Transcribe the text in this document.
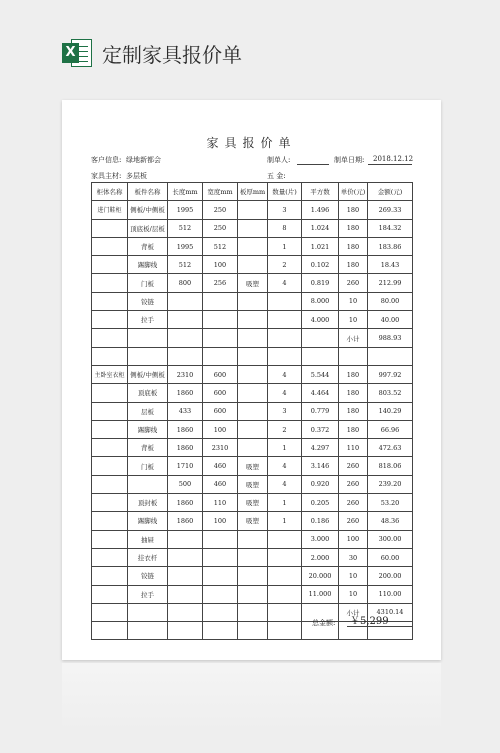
X 定制家具报价单
家具报价单
客户信息: 绿地新都会	制单人:	制单日期: 2018.12.12
家具主材: 多层板	五 金:
柜体名称	板件名称	长度mm	宽度mm	板厚mm	数量(片)	平方数	单价(元)	金额(元)
进门鞋柜	侧板/中侧板	1995	250		3	1.496	180	269.33
	顶底板/层板	512	250		8	1.024	180	184.32
	背板	1995	512		1	1.021	180	183.86
	踢脚线	512	100		2	0.102	180	18.43
	门板	800	256	吸塑	4	0.819	260	212.99
	铰链					8.000	10	80.00
	拉手					4.000	10	40.00
							小计	988.93

主卧室衣柜	侧板/中侧板	2310	600		4	5.544	180	997.92
	顶底板	1860	600		4	4.464	180	803.52
	层板	433	600		3	0.779	180	140.29
	踢脚线	1860	100		2	0.372	180	66.96
	背板	1860	2310		1	4.297	110	472.63
	门板	1710	460	吸塑	4	3.146	260	818.06
		500	460	吸塑	4	0.920	260	239.20
	顶封板	1860	110	吸塑	1	0.205	260	53.20
	踢脚线	1860	100	吸塑	1	0.186	260	48.36
	抽屉					3.000	100	300.00
	挂衣杆					2.000	30	60.00
	铰链					20.000	10	200.00
	拉手					11.000	10	110.00
							小计	4310.14

总金额: ￥5,299
